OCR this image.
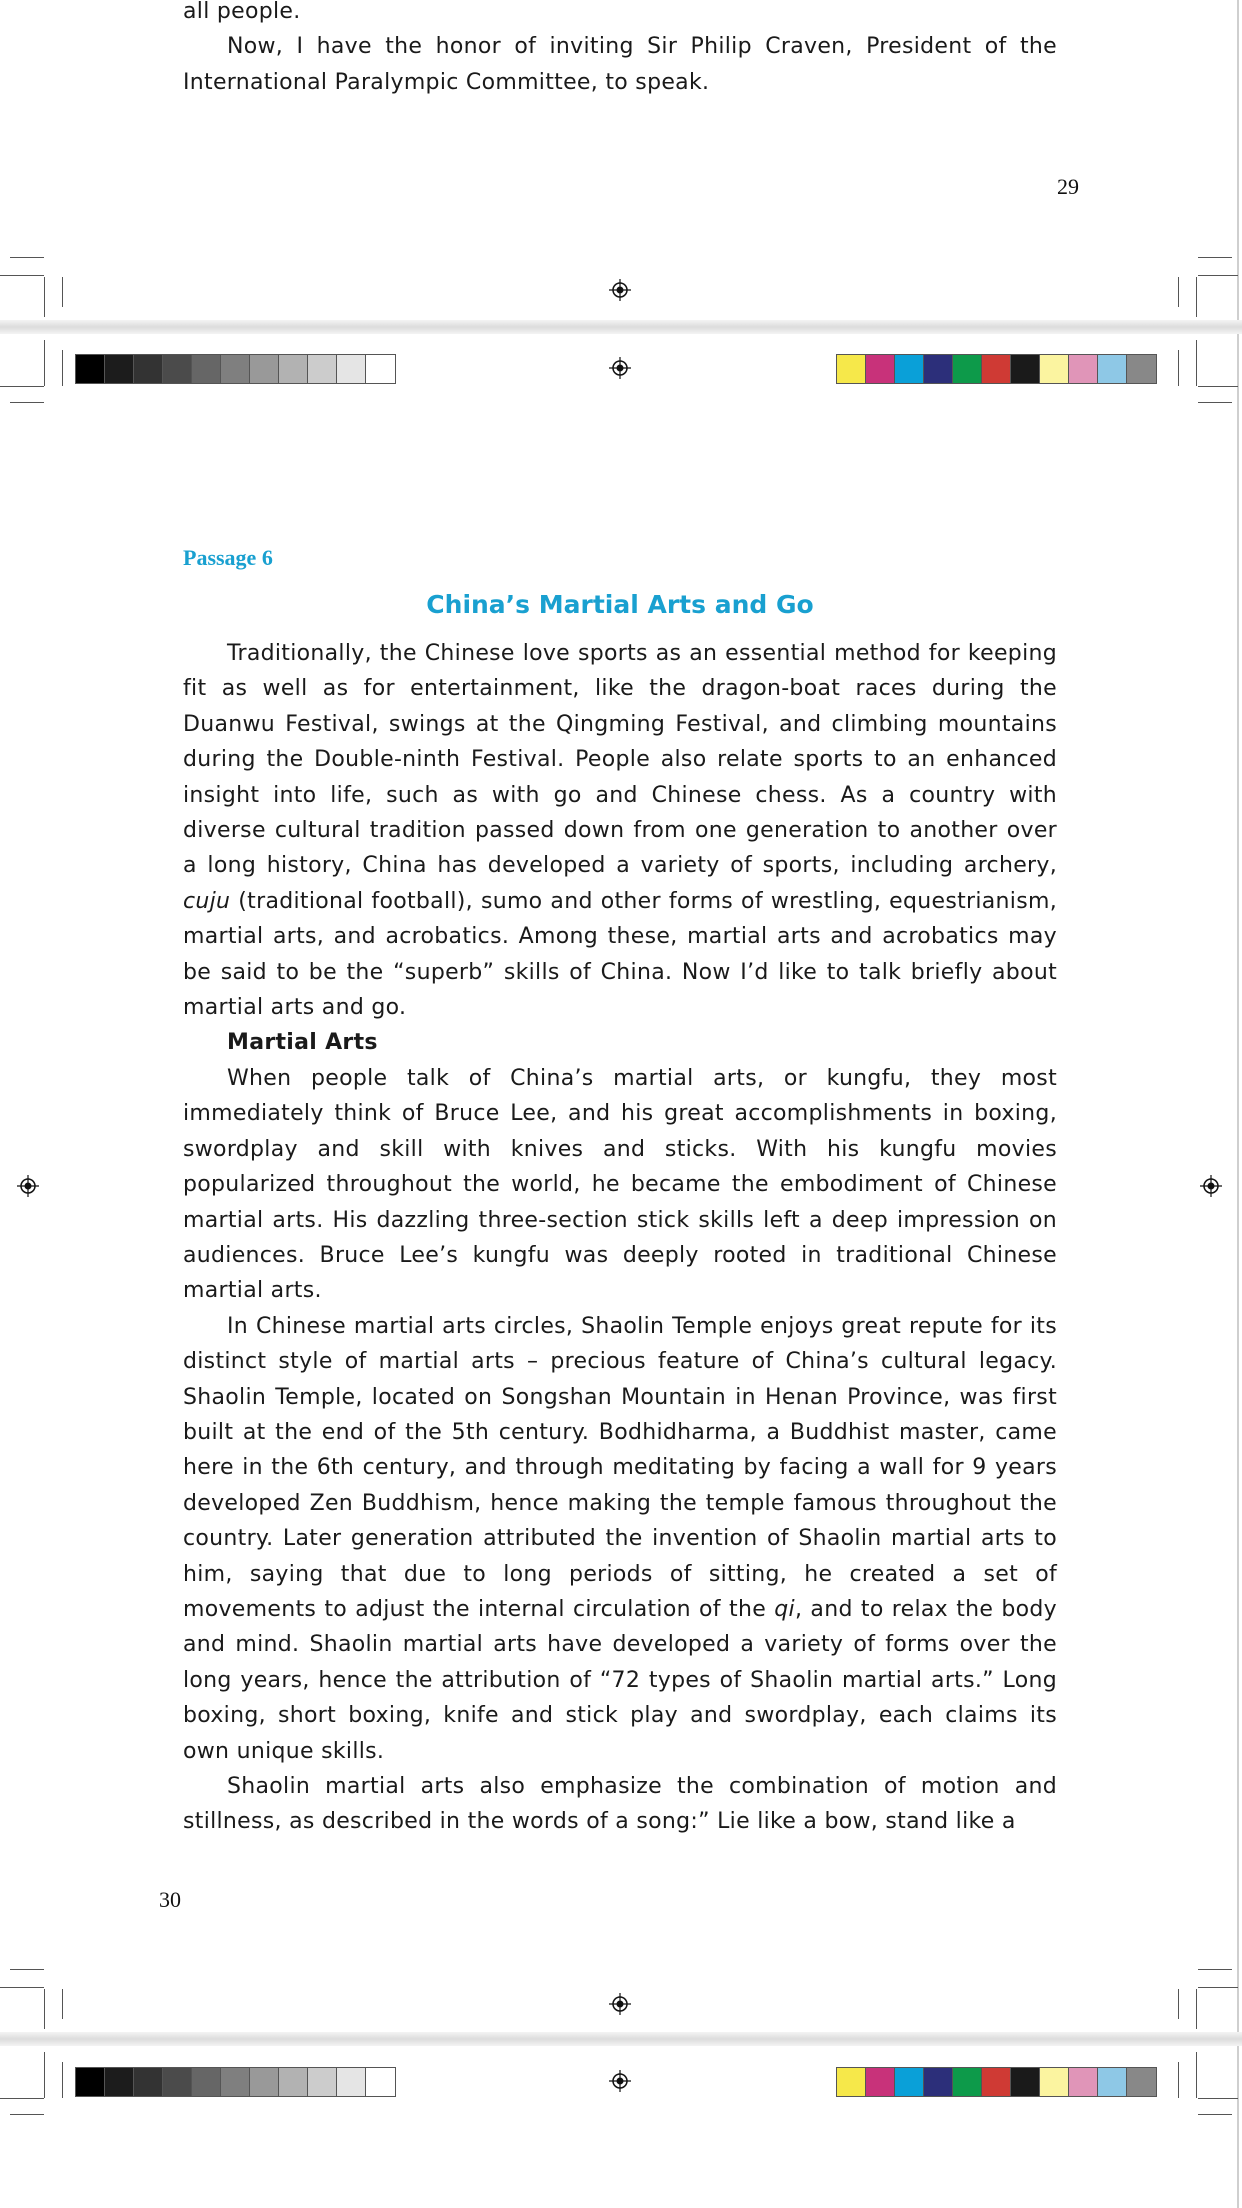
all people.

Now, I have the honor of inviting Sir Philip Craven, President of the International Paralympic Committee, to speak.

29
Passage 6
China’s Martial Arts and Go

Traditionally, the Chinese love sports as an essential method for keeping fit as well as for entertainment, like the dragon-boat races during the Duanwu Festival, swings at the Qingming Festival, and climbing mountains during the Double-ninth Festival. People also relate sports to an enhanced insight into life, such as with go and Chinese chess. As a country with diverse cultural tradition passed down from one generation to another over a long history, China has developed a variety of sports, including archery, cuju (traditional football), sumo and other forms of wrestling, equestrianism, martial arts, and acrobatics. Among these, martial arts and acrobatics may be said to be the “superb” skills of China. Now I’d like to talk briefly about martial arts and go.

Martial Arts

When people talk of China’s martial arts, or kungfu, they most immediately think of Bruce Lee, and his great accomplishments in boxing, swordplay and skill with knives and sticks. With his kungfu movies popularized throughout the world, he became the embodiment of Chinese martial arts. His dazzling three-section stick skills left a deep impression on audiences. Bruce Lee’s kungfu was deeply rooted in traditional Chinese martial arts.

In Chinese martial arts circles, Shaolin Temple enjoys great repute for its distinct style of martial arts – precious feature of China’s cultural legacy. Shaolin Temple, located on Songshan Mountain in Henan Province, was first built at the end of the 5th century. Bodhidharma, a Buddhist master, came here in the 6th century, and through meditating by facing a wall for 9 years developed Zen Buddhism, hence making the temple famous throughout the country. Later generation attributed the invention of Shaolin martial arts to him, saying that due to long periods of sitting, he created a set of movements to adjust the internal circulation of the qi, and to relax the body and mind. Shaolin martial arts have developed a variety of forms over the long years, hence the attribution of “72 types of Shaolin martial arts.” Long boxing, short boxing, knife and stick play and swordplay, each claims its own unique skills.

Shaolin martial arts also emphasize the combination of motion and stillness, as described in the words of a song:” Lie like a bow, stand like a

30
